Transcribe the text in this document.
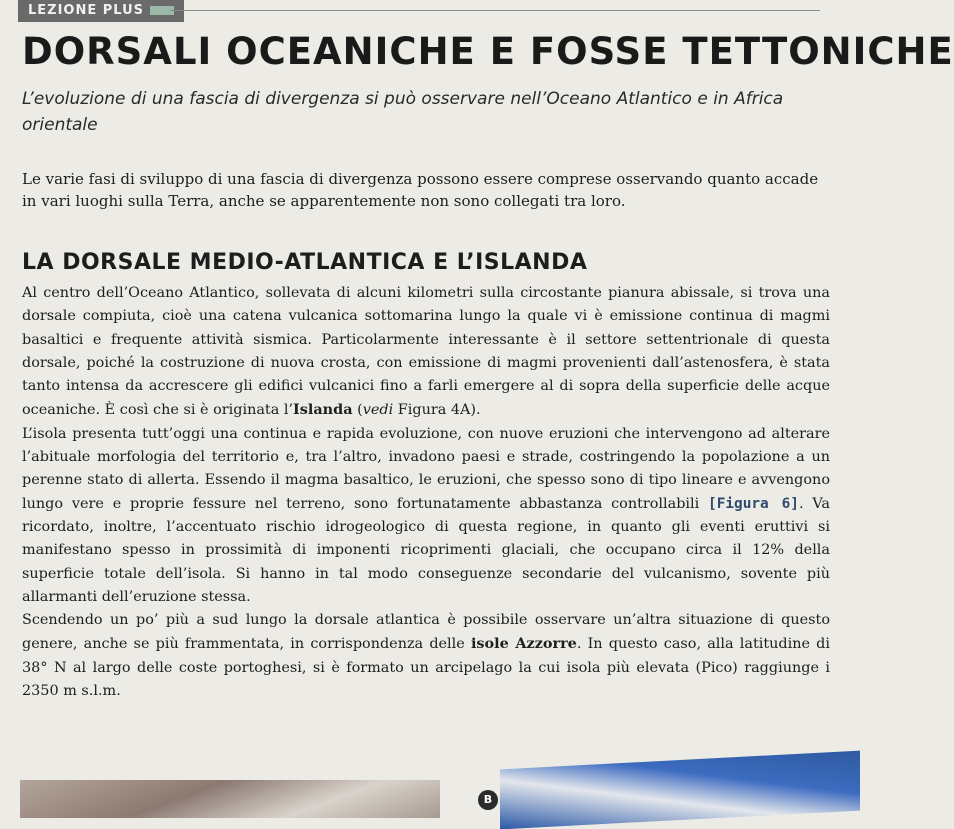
LEZIONE PLUS
DORSALI OCEANICHE E FOSSE TETTONICHE

L’evoluzione di una fascia di divergenza si può osservare nell’Oceano Atlantico e in Africa orientale

Le varie fasi di sviluppo di una fascia di divergenza possono essere comprese osservando quanto accade in vari luoghi sulla Terra, anche se apparentemente non sono collegati tra loro.

LA DORSALE MEDIO-ATLANTICA E L’ISLANDA

Al centro dell’Oceano Atlantico, sollevata di alcuni kilometri sulla circostante pianura abissale, si trova una dorsale compiuta, cioè una catena vulcanica sottomarina lungo la quale vi è emissione continua di magmi basaltici e frequente attività sismica. Particolarmente interessante è il settore settentrionale di questa dorsale, poiché la costruzione di nuova crosta, con emissione di magmi provenienti dall’astenosfera, è stata tanto intensa da accrescere gli edifici vulcanici fino a farli emergere al di sopra della superficie delle acque oceaniche. È così che si è originata l’Islanda (vedi Figura 4A).

L’isola presenta tutt’oggi una continua e rapida evoluzione, con nuove eruzioni che intervengono ad alterare l’abituale morfologia del territorio e, tra l’altro, invadono paesi e strade, costringendo la popolazione a un perenne stato di allerta. Essendo il magma basaltico, le eruzioni, che spesso sono di tipo lineare e avvengono lungo vere e proprie fessure nel terreno, sono fortunatamente abbastanza controllabili [Figura 6]. Va ricordato, inoltre, l’accentuato rischio idrogeologico di questa regione, in quanto gli eventi eruttivi si manifestano spesso in prossimità di imponenti ricoprimenti glaciali, che occupano circa il 12% della superficie totale dell’isola. Si hanno in tal modo conseguenze secondarie del vulcanismo, sovente più allarmanti dell’eruzione stessa.

Scendendo un po’ più a sud lungo la dorsale atlantica è possibile osservare un’altra situazione di questo genere, anche se più frammentata, in corrispondenza delle isole Azzorre. In questo caso, alla latitudine di 38° N al largo delle coste portoghesi, si è formato un arcipelago la cui isola più elevata (Pico) raggiunge i 2350 m s.l.m.

B
